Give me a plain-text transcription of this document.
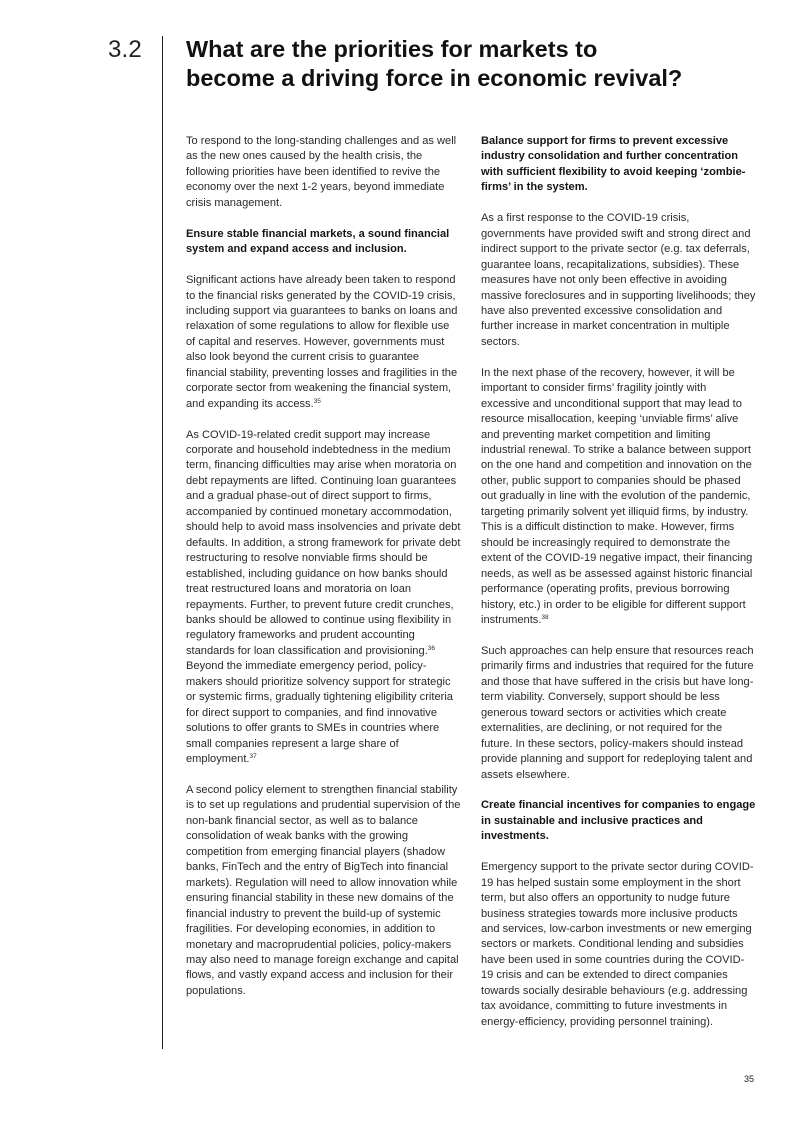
3.2 What are the priorities for markets to
become a driving force in economic revival?

To respond to the long-standing challenges and as well as the new ones caused by the health crisis, the following priorities have been identified to revive the economy over the next 1-2 years, beyond immediate crisis management.

Ensure stable financial markets, a sound financial system and expand access and inclusion.

Significant actions have already been taken to respond to the financial risks generated by the COVID-19 crisis, including support via guarantees to banks on loans and relaxation of some regulations to allow for flexible use of capital and reserves. However, governments must also look beyond the current crisis to guarantee financial stability, preventing losses and fragilities in the corporate sector from weakening the financial system, and expanding its access.$^{35}$

As COVID-19-related credit support may increase corporate and household indebtedness in the medium term, financing difficulties may arise when moratoria on debt repayments are lifted. Continuing loan guarantees and a gradual phase-out of direct support to firms, accompanied by continued monetary accommodation, should help to avoid mass insolvencies and private debt defaults. In addition, a strong framework for private debt restructuring to resolve nonviable firms should be established, including guidance on how banks should treat restructured loans and moratoria on loan repayments. Further, to prevent future credit crunches, banks should be allowed to continue using flexibility in regulatory frameworks and prudent accounting standards for loan classification and provisioning.$^{36}$ Beyond the immediate emergency period, policy-makers should prioritize solvency support for strategic or systemic firms, gradually tightening eligibility criteria for direct support to companies, and find innovative solutions to offer grants to SMEs in countries where small companies represent a large share of employment.$^{37}$

A second policy element to strengthen financial stability is to set up regulations and prudential supervision of the non-bank financial sector, as well as to balance consolidation of weak banks with the growing competition from emerging financial players (shadow banks, FinTech and the entry of BigTech into financial markets). Regulation will need to allow innovation while ensuring financial stability in these new domains of the financial industry to prevent the build-up of systemic fragilities. For developing economies, in addition to monetary and macroprudential policies, policy-makers may also need to manage foreign exchange and capital flows, and vastly expand access and inclusion for their populations.

Balance support for firms to prevent excessive industry consolidation and further concentration with sufficient flexibility to avoid keeping ‘zombie-firms’ in the system.

As a first response to the COVID-19 crisis, governments have provided swift and strong direct and indirect support to the private sector (e.g. tax deferrals, guarantee loans, recapitalizations, subsidies). These measures have not only been effective in avoiding massive foreclosures and in supporting livelihoods; they have also prevented excessive consolidation and further increase in market concentration in multiple sectors.

In the next phase of the recovery, however, it will be important to consider firms’ fragility jointly with excessive and unconditional support that may lead to resource misallocation, keeping ‘unviable firms’ alive and preventing market competition and limiting industrial renewal. To strike a balance between support on the one hand and competition and innovation on the other, public support to companies should be phased out gradually in line with the evolution of the pandemic, targeting primarily solvent yet illiquid firms, by industry. This is a difficult distinction to make. However, firms should be increasingly required to demonstrate the extent of the COVID-19 negative impact, their financing needs, as well as be assessed against historic financial performance (operating profits, previous borrowing history, etc.) in order to be eligible for different support instruments.$^{38}$

Such approaches can help ensure that resources reach primarily firms and industries that required for the future and those that have suffered in the crisis but have long-term viability. Conversely, support should be less generous toward sectors or activities which create externalities, are declining, or not required for the future. In these sectors, policy-makers should instead provide planning and support for redeploying talent and assets elsewhere.

Create financial incentives for companies to engage in sustainable and inclusive practices and investments.

Emergency support to the private sector during COVID-19 has helped sustain some employment in the short term, but also offers an opportunity to nudge future business strategies towards more inclusive products and services, low-carbon investments or new emerging sectors or markets. Conditional lending and subsidies have been used in some countries during the COVID-19 crisis and can be extended to direct companies towards socially desirable behaviours (e.g. addressing tax avoidance, committing to future investments in energy-efficiency, providing personnel training).

35
